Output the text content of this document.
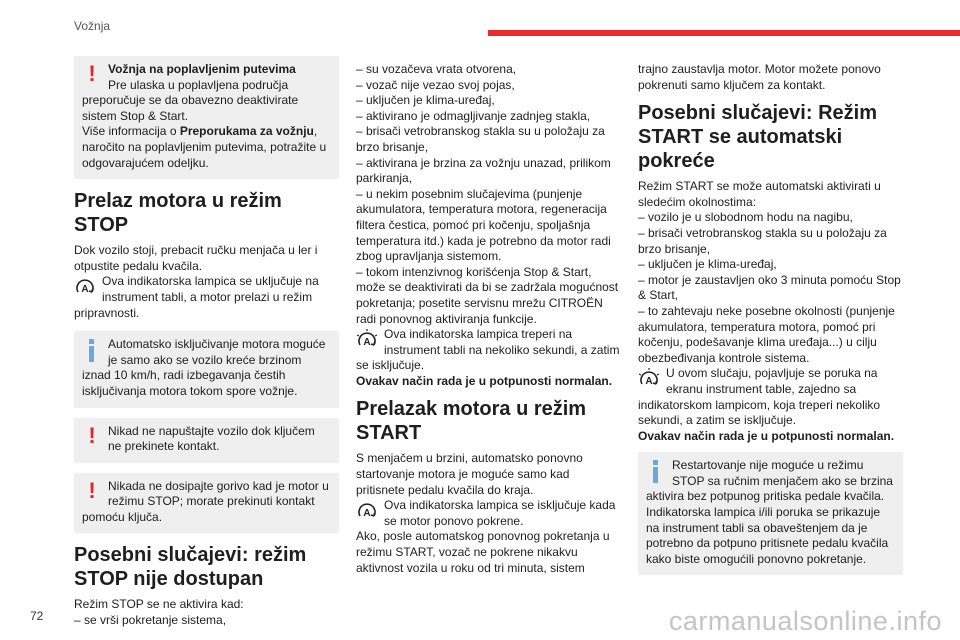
Vožnja
!	Vožnja na poplavljenim putevima

Pre ulaska u poplavljena područja preporučuje se da obavezno deaktivirate sistem Stop & Start.

Više informacija o Preporukama za vožnju, naročito na poplavljenim putevima, potražite u odgovarajućem odeljku.

Prelaz motora u režim STOP

Dok vozilo stoji, prebacit ručku menjača u ler i otpustite pedalu kvačila.

A

Ova indikatorska lampica se uključuje na instrument tabli, a motor prelazi u režim pripravnosti.

Automatsko isključivanje motora moguće je samo ako se vozilo kreće brzinom iznad 10 km/h, radi izbegavanja čestih isključivanja motora tokom spore vožnje.

!	Nikad ne napuštajte vozilo dok ključem ne prekinete kontakt.

!	Nikada ne dosipajte gorivo kad je motor u režimu STOP; morate prekinuti kontakt pomoću ključa.

Posebni slučajevi: režim STOP nije dostupan

Režim STOP se ne aktivira kad:

– se vrši pokretanje sistema,

– su vozačeva vrata otvorena,

– vozač nije vezao svoj pojas,

– uključen je klima-uređaj,

– aktivirano je odmagljivanje zadnjeg stakla,

– brisači vetrobranskog stakla su u položaju za brzo brisanje,

– aktivirana je brzina za vožnju unazad, prilikom parkiranja,

– u nekim posebnim slučajevima (punjenje akumulatora, temperatura motora, regeneracija filtera čestica, pomoć pri kočenju, spoljašnja temperatura itd.) kada je potrebno da motor radi zbog upravljanja sistemom.

– tokom intenzivnog korišćenja Stop & Start, može se deaktivirati da bi se zadržala mogućnost pokretanja; posetite servisnu mrežu CITROËN radi ponovnog aktiviranja funkcije.

A

Ova indikatorska lampica treperi na instrument tabli na nekoliko sekundi, a zatim se isključuje.

Ovakav način rada je u potpunosti normalan.

Prelazak motora u režim START

S menjačem u brzini, automatsko ponovno startovanje motora je moguće samo kad pritisnete pedalu kvačila do kraja.

A

Ova indikatorska lampica se isključuje kada se motor ponovo pokrene.

Ako, posle automatskog ponovnog pokretanja u režimu START, vozač ne pokrene nikakvu aktivnost vozila u roku od tri minuta, sistem

trajno zaustavlja motor. Motor možete ponovo pokrenuti samo ključem za kontakt.

Posebni slučajevi: Režim START se automatski pokreće

Režim START se može automatski aktivirati u sledećim okolnostima:

– vozilo je u slobodnom hodu na nagibu,

– brisači vetrobranskog stakla su u položaju za brzo brisanje,

– uključen je klima-uređaj,

– motor je zaustavljen oko 3 minuta pomoću Stop & Start,

– to zahtevaju neke posebne okolnosti (punjenje akumulatora, temperatura motora, pomoć pri kočenju, podešavanje klima uređaja...) u cilju obezbeđivanja kontrole sistema.

A

U ovom slučaju, pojavljuje se poruka na ekranu instrument table, zajedno sa indikatorskom lampicom, koja treperi nekoliko sekundi, a zatim se isključuje.

Ovakav način rada je u potpunosti normalan.

Restartovanje nije moguće u režimu STOP sa ručnim menjačem ako se brzina aktivira bez potpunog pritiska pedale kvačila.

Indikatorska lampica i/ili poruka se prikazuje na instrument tabli sa obaveštenjem da je potrebno da potpuno pritisnete pedalu kvačila kako biste omogućili ponovno pokretanje.

72	carmanualsonline.info
